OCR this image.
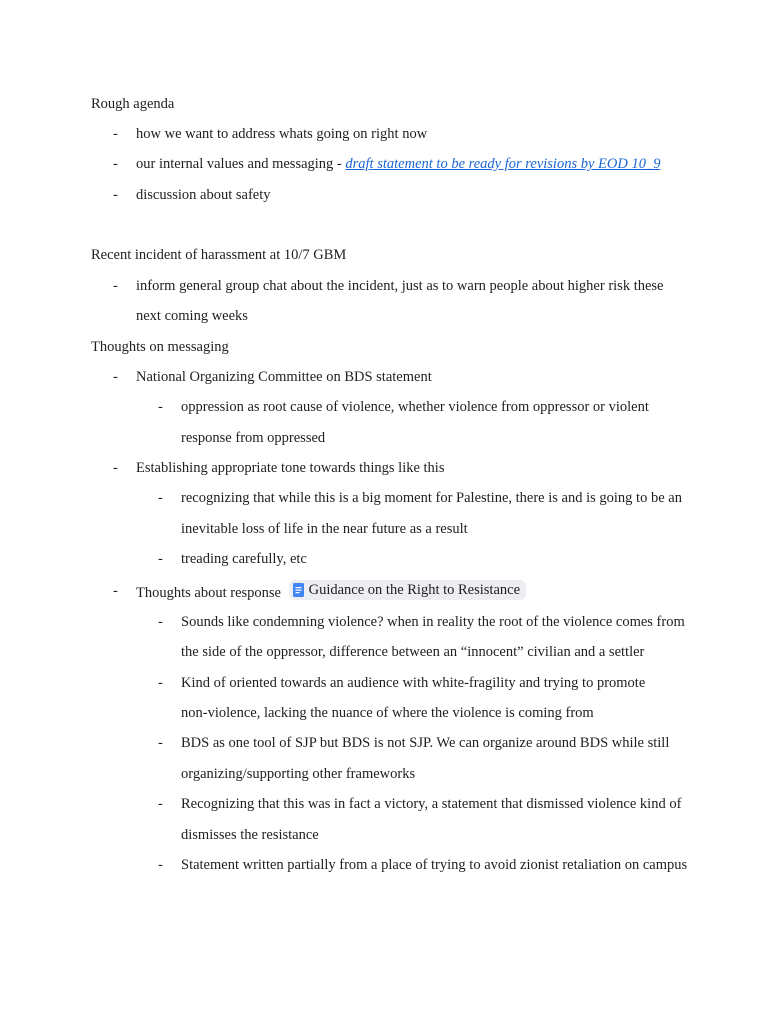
Rough agenda
- how we want to address whats going on right now
- our internal values and messaging - draft statement to be ready for revisions by EOD 10_9
- discussion about safety
Recent incident of harassment at 10/7 GBM
- inform general group chat about the incident, just as to warn people about higher risk these
next coming weeks
Thoughts on messaging
- National Organizing Committee on BDS statement
- oppression as root cause of violence, whether violence from oppressor or violent
response from oppressed
- Establishing appropriate tone towards things like this
- recognizing that while this is a big moment for Palestine, there is and is going to be an
inevitable loss of life in the near future as a result
- treading carefully, etc
- Thoughts about response Guidance on the Right to Resistance
- Sounds like condemning violence? when in reality the root of the violence comes from
the side of the oppressor, difference between an “innocent” civilian and a settler
- Kind of oriented towards an audience with white-fragility and trying to promote
non-violence, lacking the nuance of where the violence is coming from
- BDS as one tool of SJP but BDS is not SJP. We can organize around BDS while still
organizing/supporting other frameworks
- Recognizing that this was in fact a victory, a statement that dismissed violence kind of
dismisses the resistance
- Statement written partially from a place of trying to avoid zionist retaliation on campus
